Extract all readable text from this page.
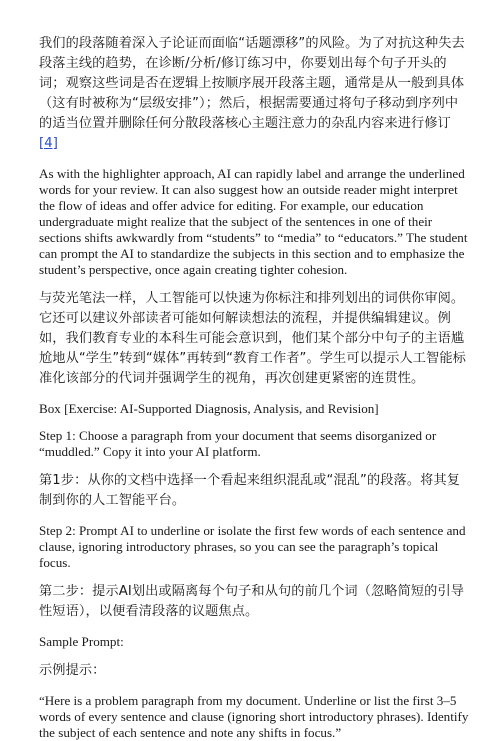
我们的段落随着深入子论证而面临“话题漂移”的风险。为了对抗这种失去段落主线的趋势，在诊断/分析/修订练习中，你要划出每个句子开头的词；观察这些词是否在逻辑上按顺序展开段落主题，通常是从一般到具体（这有时被称为“层级安排”）；然后，根据需要通过将句子移动到序列中的适当位置并删除任何分散段落核心主题注意力的杂乱内容来进行修订[4]

As with the highlighter approach, AI can rapidly label and arrange the underlined words for your review. It can also suggest how an outside reader might interpret the flow of ideas and offer advice for editing. For example, our education undergraduate might realize that the subject of the sentences in one of their sections shifts awkwardly from “students” to “media” to “educators.” The student can prompt the AI to standardize the subjects in this section and to emphasize the student’s perspective, once again creating tighter cohesion.

与荧光笔法一样，人工智能可以快速为你标注和排列划出的词供你审阅。它还可以建议外部读者可能如何解读想法的流程，并提供编辑建议。例如，我们教育专业的本科生可能会意识到，他们某个部分中句子的主语尴尬地从“学生”转到“媒体”再转到“教育工作者”。学生可以提示人工智能标准化该部分的代词并强调学生的视角，再次创建更紧密的连贯性。

Box [Exercise: AI-Supported Diagnosis, Analysis, and Revision]

Step 1: Choose a paragraph from your document that seems disorganized or “muddled.” Copy it into your AI platform.

第1步：从你的文档中选择一个看起来组织混乱或“混乱”的段落。将其复制到你的人工智能平台。

Step 2: Prompt AI to underline or isolate the first few words of each sentence and clause, ignoring introductory phrases, so you can see the paragraph’s topical focus.

第二步：提示AI划出或隔离每个句子和从句的前几个词（忽略简短的引导性短语），以便看清段落的议题焦点。

Sample Prompt:

示例提示：

“Here is a problem paragraph from my document. Underline or list the first 3–5 words of every sentence and clause (ignoring short introductory phrases). Identify the subject of each sentence and note any shifts in focus.”
